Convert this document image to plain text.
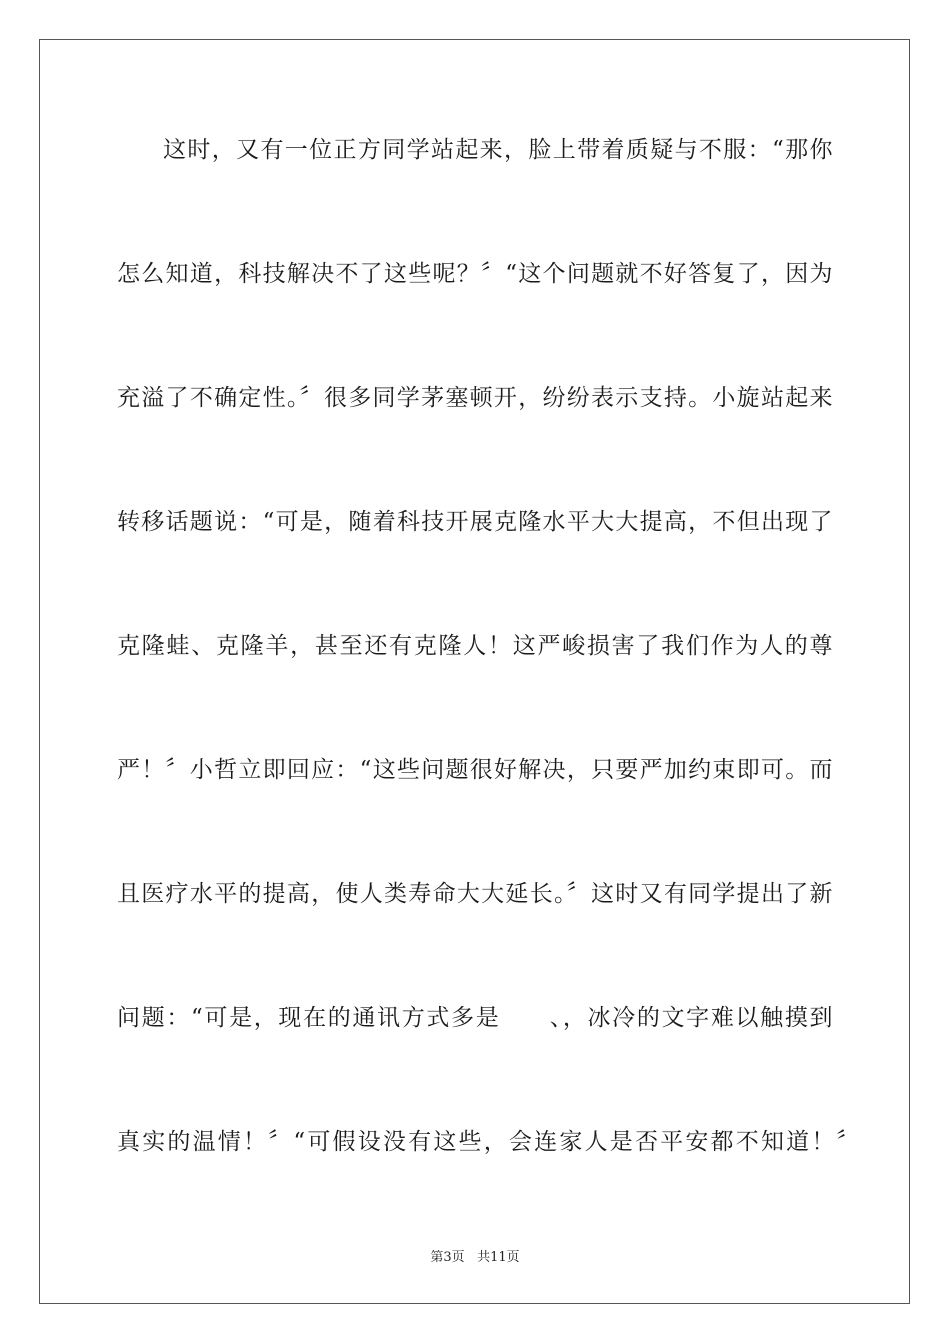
这时，又有一位正方同学站起来，脸上带着质疑与不服：“那你
怎么知道，科技解决不了这些呢？〞“这个问题就不好答复了，因为
充溢了不确定性。〞很多同学茅塞顿开，纷纷表示支持。小旋站起来
转移话题说：“可是，随着科技开展克隆水平大大提高，不但出现了
克隆蛙、克隆羊，甚至还有克隆人！这严峻损害了我们作为人的尊
严！〞小哲立即回应：“这些问题很好解决，只要严加约束即可。而
且医疗水平的提高，使人类寿命大大延长。〞这时又有同学提出了新
问题：“可是，现在的通讯方式多是　　、，冰冷的文字难以触摸到
真实的温情！〞“可假设没有这些，会连家人是否平安都不知道！〞
第3页 共11页
